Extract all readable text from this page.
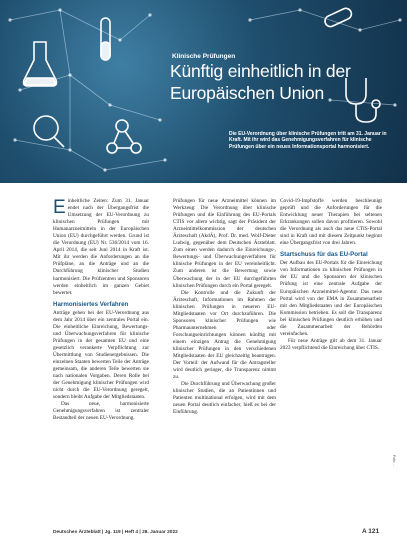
Klinische Prüfungen
Künftig einheitlich in der
Europäischen Union
Die EU-Verordnung über klinische Prüfungen tritt am 31. Januar in Kraft. Mit ihr wird das Genehmigungsverfahren für klinische Prüfungen über ein neues Informationsportal harmonisiert.

Einheitliche Zeiten: Zum 31. Januar endet nach der Übergangsfrist die Umsetzung der EU-Verordnung zu klinischen Prüfungen mit Humanarzneimitteln in der Europäischen Union (EU) durchgeführt werden. Grund ist die Verordnung (EU) Nr. 536/2014 vom 16. April 2014, die seit Juni 2014 in Kraft ist. Mit ihr werden die Anforderungen an die Prüfpläne, an die Anträge und an die Durchführung klinischer Studien harmonisiert. Die Prüfzentren und Sponsoren werden einheitlich im ganzen Gebiet bewertet.

Harmonisiertes Verfahren

Anträge gehen bei der EU-Verordnung aus dem Jahr 2014 über ein zentrales Portal ein. Die einheitliche Einreichung, Bewertungs- und Überwachungsverfahren für klinische Prüfungen in der gesamten EU und eine gesetzlich verankerte Verpflichtung zur Übermittlung von Studienergebnissen. Die einzelnen Staaten bewerten Teile der Anträge gemeinsam, die anderen Teile bewerten sie nach nationalen Vorgaben. Deren Rolle bei der Genehmigung klinischer Prüfungen wird nicht durch die EU-Verordnung geregelt, sondern bleibt Aufgabe der Mitgliedstaaten.

Das neue, harmonisierte Genehmigungsverfahren ist zentraler Bestandteil der neuen EU-Verordnung.

Prüfungen für neue Arzneimittel können im Werkzeug: Die Verordnung über klinische Prüfungen und die Einführung des EU-Portals CTIS vor allem wichtig, sagt der Präsident der Arzneimittelkommission der deutschen Ärzteschaft (AkdÄ), Prof. Dr. med. Wolf-Dieter Ludwig, gegenüber dem Deutschen Ärzteblatt. Zum einen werden dadurch die Einreichungs-, Bewertungs- und Überwachungsverfahren für klinische Prüfungen in der EU vereinheitlicht. Zum anderen ist die Bewertung sowie Überwachung der in der EU durchgeführten klinischen Prüfungen durch ein Portal geregelt.

Die Kontrolle und die Zukunft der Ärzteschaft, Informationen im Rahmen der klinischen Prüfungen in neueren EU-Mitgliedstaaten vor Ort durchzuführen. Die Sponsoren klinischer Prüfungen wie Pharmaunternehmen oder Forschungseinrichtungen können künftig mit einem einzigen Antrag die Genehmigung klinischer Prüfungen in den verschiedenen Mitgliedstaaten der EU gleichzeitig beantragen. Der Vorteil: der Aufwand für die Antragsteller wird deutlich geringer, die Transparenz nimmt zu.

Die Durchführung und Überwachung großer klinischer Studien, die an Patientinnen und Patienten multinational erfolgen, wird mit dem neuen Portal deutlich einfacher, hieß es bei der Einführung.

Covid-19-Impfstoffe werden beschleunigt geprüft und die Anforderungen für die Entwicklung neuer Therapien bei seltenen Erkrankungen sollen davon profitieren. Sowohl die Verordnung als auch das neue CTIS-Portal sind in Kraft und mit diesem Zeitpunkt beginnt eine Übergangsfrist von drei Jahren.

Startschuss für das EU-Portal

Der Aufbau des EU-Portals für die Einreichung von Informationen zu klinischen Prüfungen in der EU und die Sponsoren der klinischen Prüfung ist eine zentrale Aufgabe der Europäischen Arzneimittel-Agentur. Das neue Portal wird von der EMA in Zusammenarbeit mit den Mitgliedstaaten und der Europäischen Kommission betrieben. Es soll die Transparenz bei klinischen Prüfungen deutlich erhöhen und die Zusammenarbeit der Behörden vereinfachen.

Für neue Anträge gilt ab dem 31. Januar 2023 verpflichtend die Einreichung über CTIS.

Foto: ...
Deutsches Ärzteblatt | Jg. 119 | Heft 4 | 28. Januar 2022	A 121
